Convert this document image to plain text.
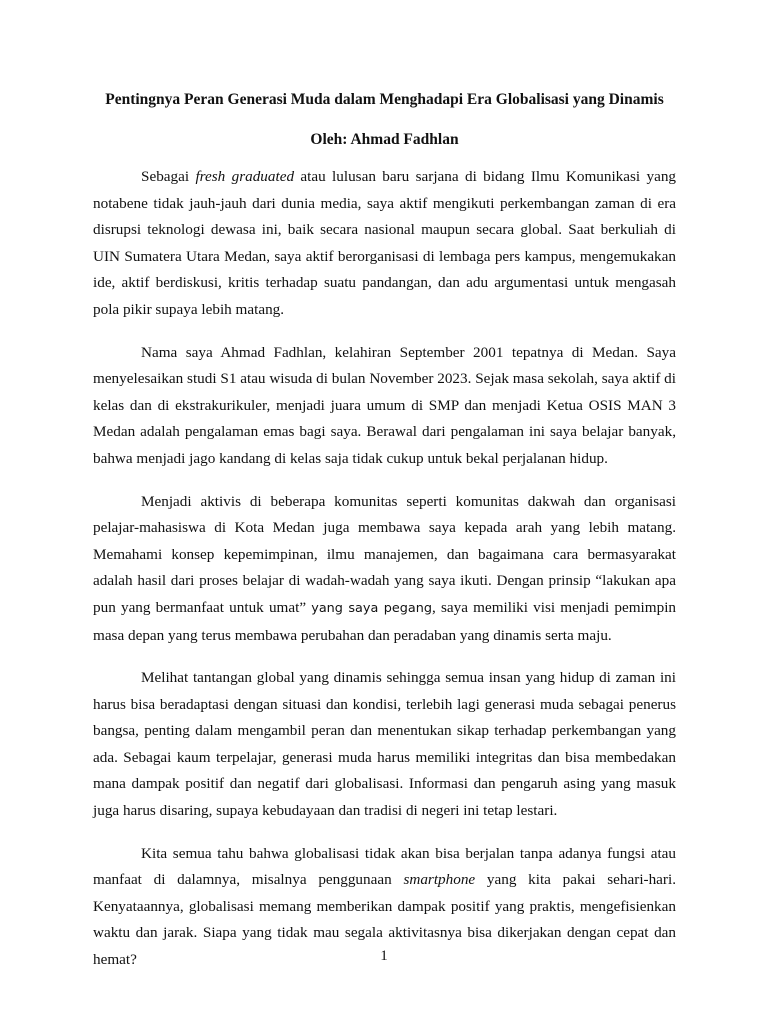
Pentingnya Peran Generasi Muda dalam Menghadapi Era Globalisasi yang Dinamis

Oleh: Ahmad Fadhlan

Sebagai fresh graduated atau lulusan baru sarjana di bidang Ilmu Komunikasi yang notabene tidak jauh-jauh dari dunia media, saya aktif mengikuti perkembangan zaman di era disrupsi teknologi dewasa ini, baik secara nasional maupun secara global. Saat berkuliah di UIN Sumatera Utara Medan, saya aktif berorganisasi di lembaga pers kampus, mengemukakan ide, aktif berdiskusi, kritis terhadap suatu pandangan, dan adu argumentasi untuk mengasah pola pikir supaya lebih matang.

Nama saya Ahmad Fadhlan, kelahiran September 2001 tepatnya di Medan. Saya menyelesaikan studi S1 atau wisuda di bulan November 2023. Sejak masa sekolah, saya aktif di kelas dan di ekstrakurikuler, menjadi juara umum di SMP dan menjadi Ketua OSIS MAN 3 Medan adalah pengalaman emas bagi saya. Berawal dari pengalaman ini saya belajar banyak, bahwa menjadi jago kandang di kelas saja tidak cukup untuk bekal perjalanan hidup.

Menjadi aktivis di beberapa komunitas seperti komunitas dakwah dan organisasi pelajar-mahasiswa di Kota Medan juga membawa saya kepada arah yang lebih matang. Memahami konsep kepemimpinan, ilmu manajemen, dan bagaimana cara bermasyarakat adalah hasil dari proses belajar di wadah-wadah yang saya ikuti. Dengan prinsip “lakukan apa pun yang bermanfaat untuk umat” yang saya pegang, saya memiliki visi menjadi pemimpin masa depan yang terus membawa perubahan dan peradaban yang dinamis serta maju.

Melihat tantangan global yang dinamis sehingga semua insan yang hidup di zaman ini harus bisa beradaptasi dengan situasi dan kondisi, terlebih lagi generasi muda sebagai penerus bangsa, penting dalam mengambil peran dan menentukan sikap terhadap perkembangan yang ada. Sebagai kaum terpelajar, generasi muda harus memiliki integritas dan bisa membedakan mana dampak positif dan negatif dari globalisasi. Informasi dan pengaruh asing yang masuk juga harus disaring, supaya kebudayaan dan tradisi di negeri ini tetap lestari.

Kita semua tahu bahwa globalisasi tidak akan bisa berjalan tanpa adanya fungsi atau manfaat di dalamnya, misalnya penggunaan smartphone yang kita pakai sehari-hari. Kenyataannya, globalisasi memang memberikan dampak positif yang praktis, mengefisienkan waktu dan jarak. Siapa yang tidak mau segala aktivitasnya bisa dikerjakan dengan cepat dan hemat?	1
